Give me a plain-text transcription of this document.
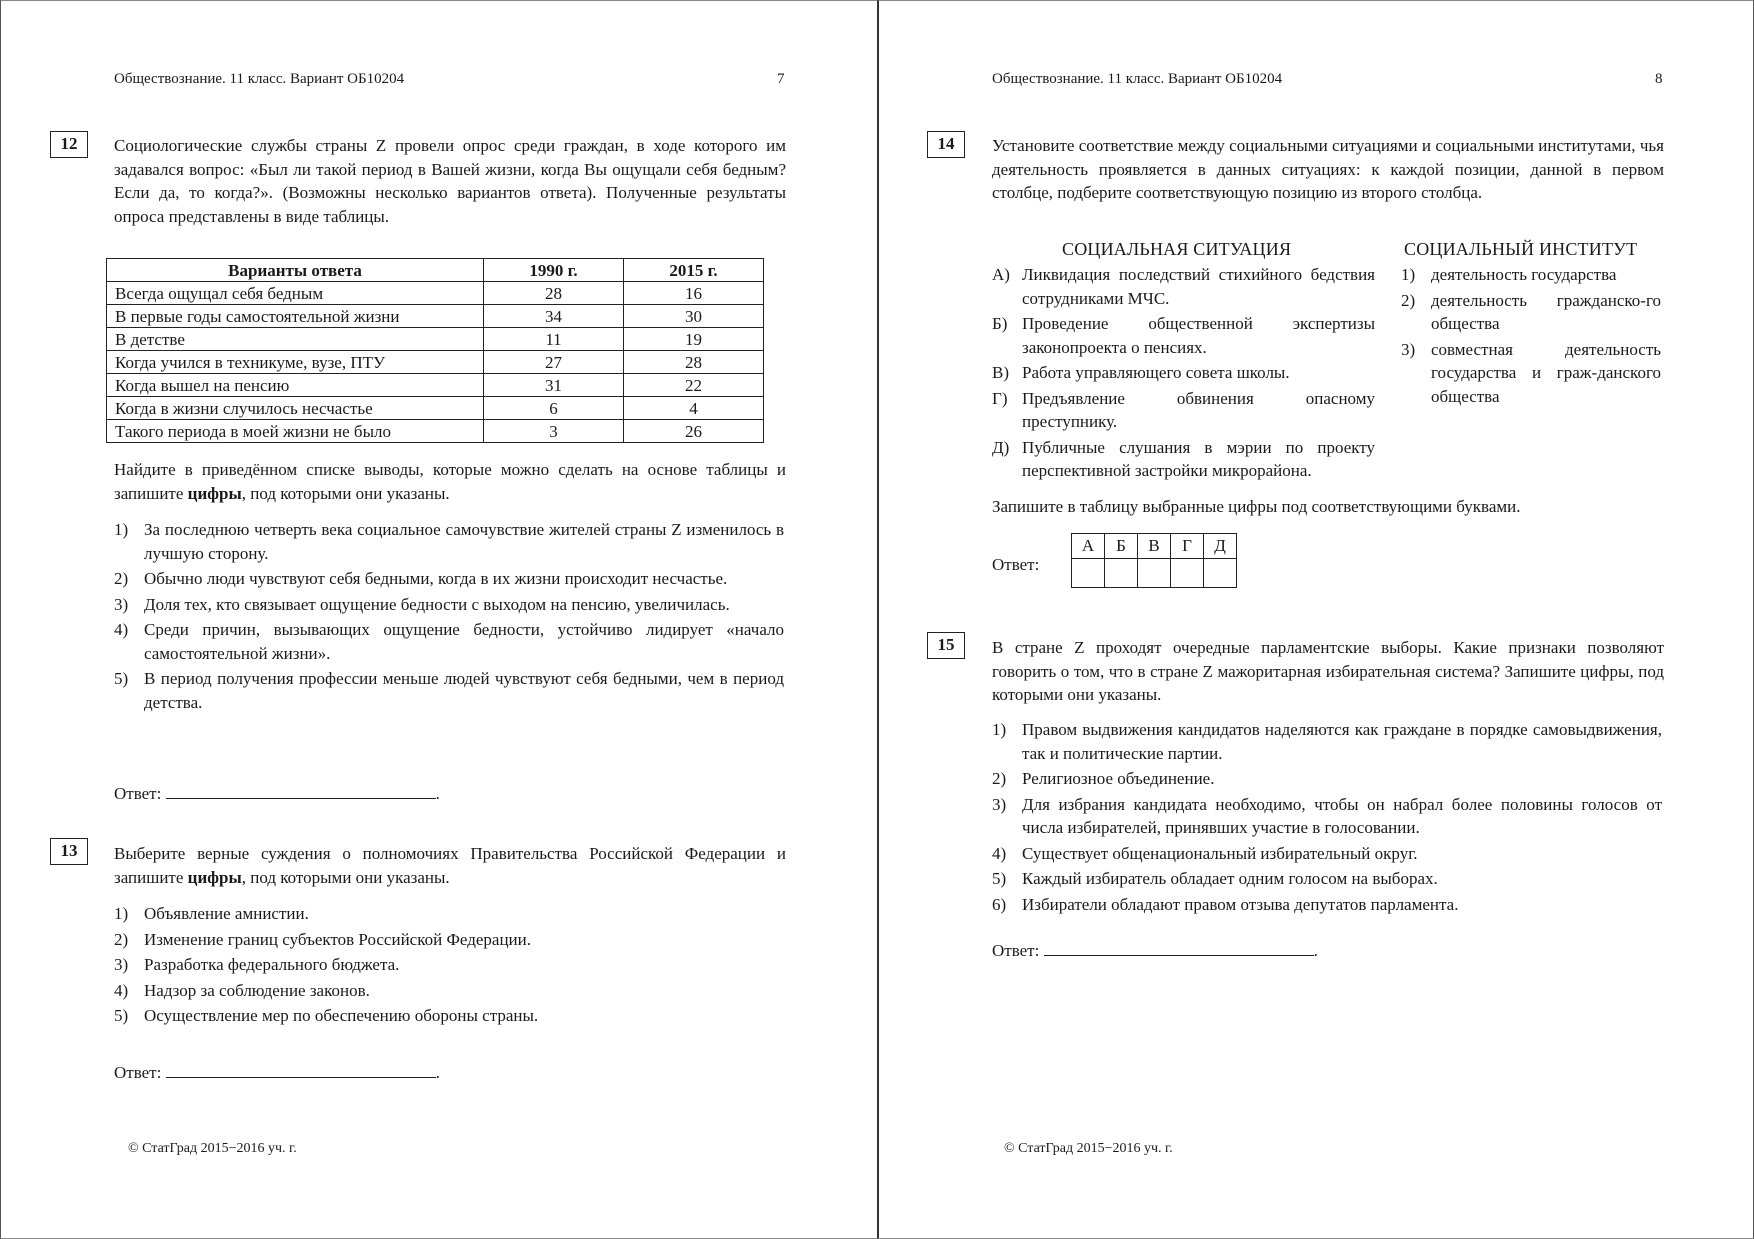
Обществознание. 11 класс. Вариант ОБ10204	7
12	Социологические службы страны Z провели опрос среди граждан, в ходе которого им задавался вопрос: «Был ли такой период в Вашей жизни, когда Вы ощущали себя бедным? Если да, то когда?». (Возможны несколько вариантов ответа). Полученные результаты опроса представлены в виде таблицы.
Варианты ответа	1990 г.	2015 г.
Всегда ощущал себя бедным	28	16
В первые годы самостоятельной жизни	34	30
В детстве	11	19
Когда учился в техникуме, вузе, ПТУ	27	28
Когда вышел на пенсию	31	22
Когда в жизни случилось несчастье	6	4
Такого периода в моей жизни не было	3	26
Найдите в приведённом списке выводы, которые можно сделать на основе таблицы и запишите цифры, под которыми они указаны.
1) За последнюю четверть века социальное самочувствие жителей страны Z изменилось в лучшую сторону.
2) Обычно люди чувствуют себя бедными, когда в их жизни происходит несчастье.
3) Доля тех, кто связывает ощущение бедности с выходом на пенсию, увеличилась.
4) Среди причин, вызывающих ощущение бедности, устойчиво лидирует «начало самостоятельной жизни».
5) В период получения профессии меньше людей чувствуют себя бедными, чем в период детства.
Ответ:	.
13	Выберите верные суждения о полномочиях Правительства Российской Федерации и запишите цифры, под которыми они указаны.
1) Объявление амнистии.
2) Изменение границ субъектов Российской Федерации.
3) Разработка федерального бюджета.
4) Надзор за соблюдение законов.
5) Осуществление мер по обеспечению обороны страны.
Ответ:	.
© СтатГрад 2015−2016 уч. г.
Обществознание. 11 класс. Вариант ОБ10204	8
14	Установите соответствие между социальными ситуациями и социальными институтами, чья деятельность проявляется в данных ситуациях: к каждой позиции, данной в первом столбце, подберите соответствующую позицию из второго столбца.
СОЦИАЛЬНАЯ СИТУАЦИЯ	СОЦИАЛЬНЫЙ ИНСТИТУТ
А) Ликвидация последствий стихийного бедствия сотрудниками МЧС.
Б) Проведение общественной экспертизы законопроекта о пенсиях.
В) Работа управляющего совета школы.
Г) Предъявление обвинения опасному преступнику.
Д) Публичные слушания в мэрии по проекту перспективной застройки микрорайона.
1) деятельность государства
2) деятельность гражданско-го общества
3) совместная деятельность государства и граж-данского общества
Запишите в таблицу выбранные цифры под соответствующими буквами.
Ответ:
А	Б	В	Г	Д

15	В стране Z проходят очередные парламентские выборы. Какие признаки позволяют говорить о том, что в стране Z мажоритарная избирательная система? Запишите цифры, под которыми они указаны.
1) Правом выдвижения кандидатов наделяются как граждане в порядке самовыдвижения, так и политические партии.
2) Религиозное объединение.
3) Для избрания кандидата необходимо, чтобы он набрал более половины голосов от числа избирателей, принявших участие в голосовании.
4) Существует общенациональный избирательный округ.
5) Каждый избиратель обладает одним голосом на выборах.
6) Избиратели обладают правом отзыва депутатов парламента.
Ответ:	.
© СтатГрад 2015−2016 уч. г.
